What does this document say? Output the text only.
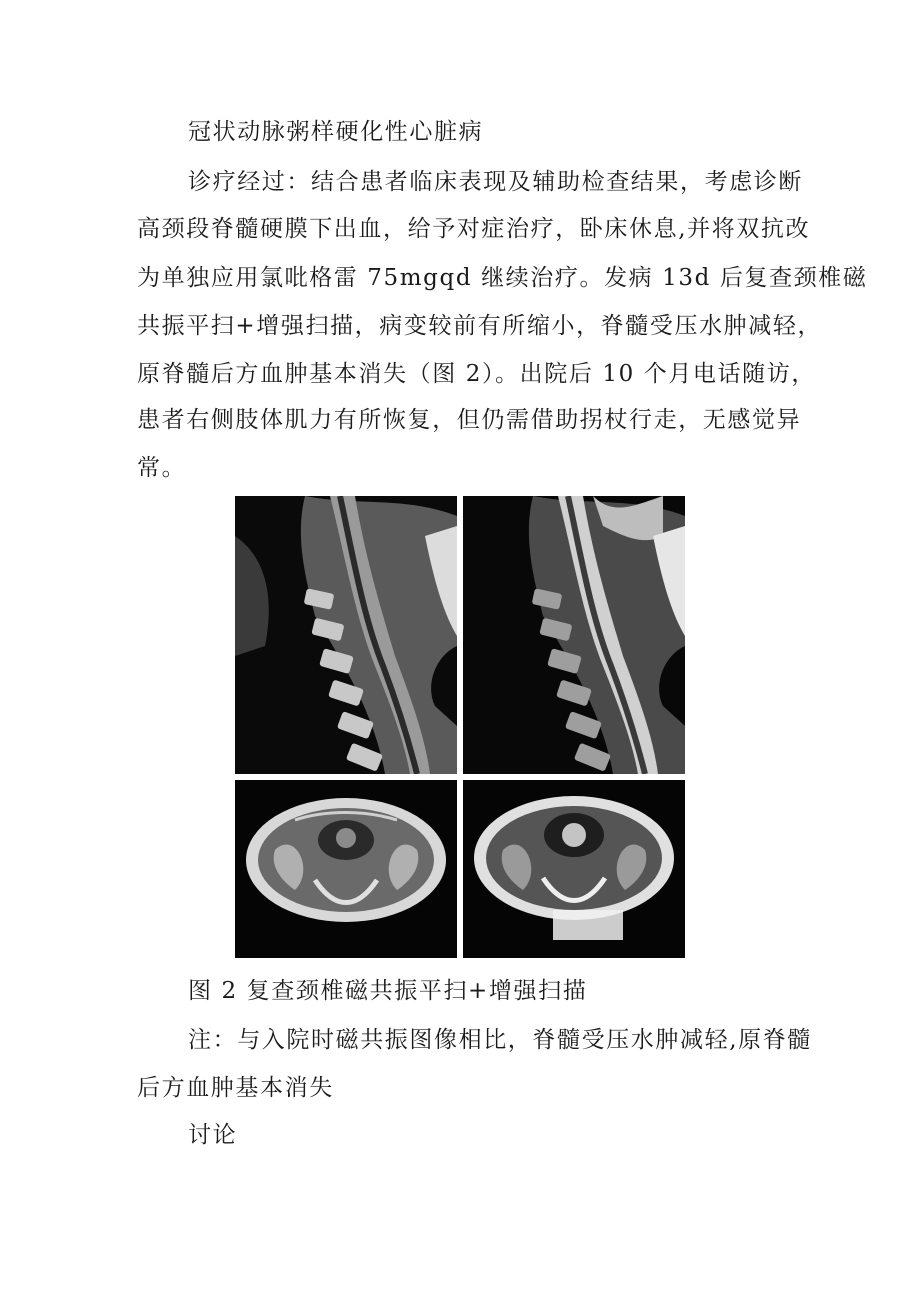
冠状动脉粥样硬化性心脏病
诊疗经过：结合患者临床表现及辅助检查结果，考虑诊断
高颈段脊髓硬膜下出血，给予对症治疗，卧床休息,并将双抗改
为单独应用氯吡格雷 75mgqd 继续治疗。发病 13d 后复查颈椎磁
共振平扫+增强扫描，病变较前有所缩小，脊髓受压水肿减轻，
原脊髓后方血肿基本消失（图 2）。出院后 10 个月电话随访，
患者右侧肢体肌力有所恢复，但仍需借助拐杖行走，无感觉异
常。
图 2 复查颈椎磁共振平扫+增强扫描
注：与入院时磁共振图像相比，脊髓受压水肿减轻,原脊髓
后方血肿基本消失
讨论
